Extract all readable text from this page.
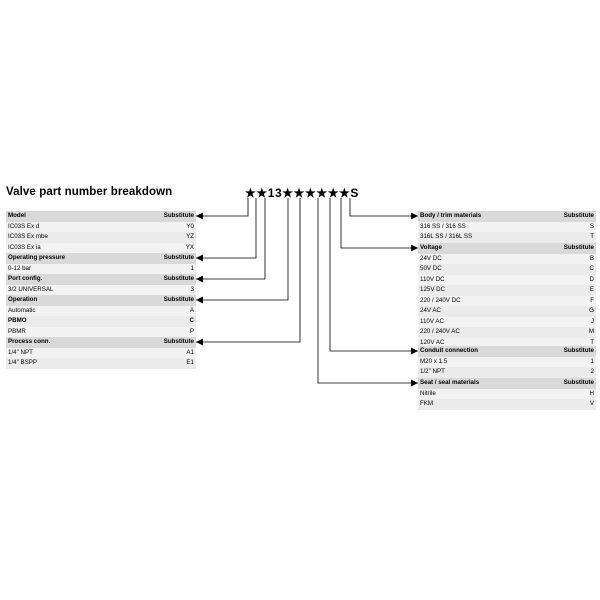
Valve part number breakdown	★★13★★★★★★S
Model	Substitute
IC03S Ex d	Y0
IC03S Ex mbe	YZ
IC03S Ex ia	YX
Operating pressure	Substitute
0-12 bar	1
Port config.	Substitute
3/2 UNIVERSAL	3
Operation	Substitute
Automatic	A
PBMO	C
PBMR	P
Process conn.	Substitute
1/4" NPT	A1
1/4" BSPP	E1
Body / trim materials	Substitute
316 SS / 316 SS	S
316L SS / 316L SS	T
Voltage	Substitute
24V DC	B
50V DC	C
110V DC	D
125V DC	E
220 / 240V DC	F
24V AC	G
110V AC	J
220 / 240V AC	M
120V AC	T
Conduit connection	Substitute
M20 x 1.5	1
1/2" NPT	2
Seat / seal materials	Substitute
Nitrile	H
FKM	V
